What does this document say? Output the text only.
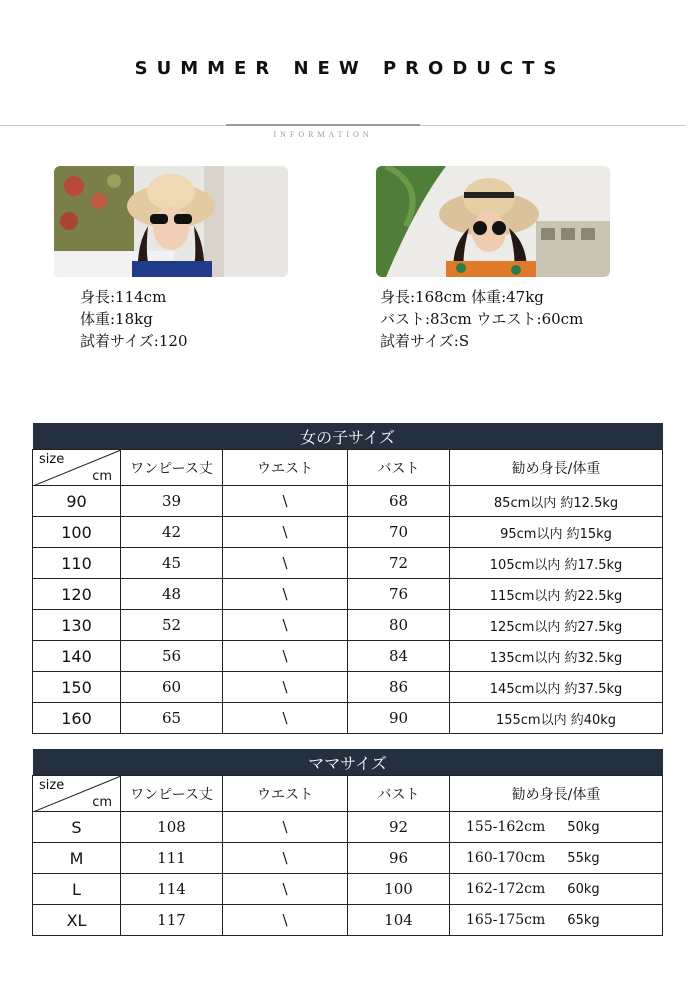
SUMMER NEW PRODUCTS
INFORMATION
身長:114cm
体重:18kg
試着サイズ:120
身長:168cm 体重:47kg
バスト:83cm ウエスト:60cm
試着サイズ:S
女の子サイズ				

size
cm	ワンピース丈	ウエスト	バスト	勧め身長/体重
90	39	\	68	85cm以内 約12.5kg
100	42	\	70	95cm以内 約15kg
110	45	\	72	105cm以内 約17.5kg
120	48	\	76	115cm以内 約22.5kg
130	52	\	80	125cm以内 約27.5kg
140	56	\	84	135cm以内 約32.5kg
150	60	\	86	145cm以内 約37.5kg
160	65	\	90	155cm以内 約40kg
ママサイズ				

size
cm	ワンピース丈	ウエスト	バスト	勧め身長/体重
S	108	\	92	155-162cm 50kg
M	111	\	96	160-170cm 55kg
L	114	\	100	162-172cm 60kg
XL	117	\	104	165-175cm 65kg
